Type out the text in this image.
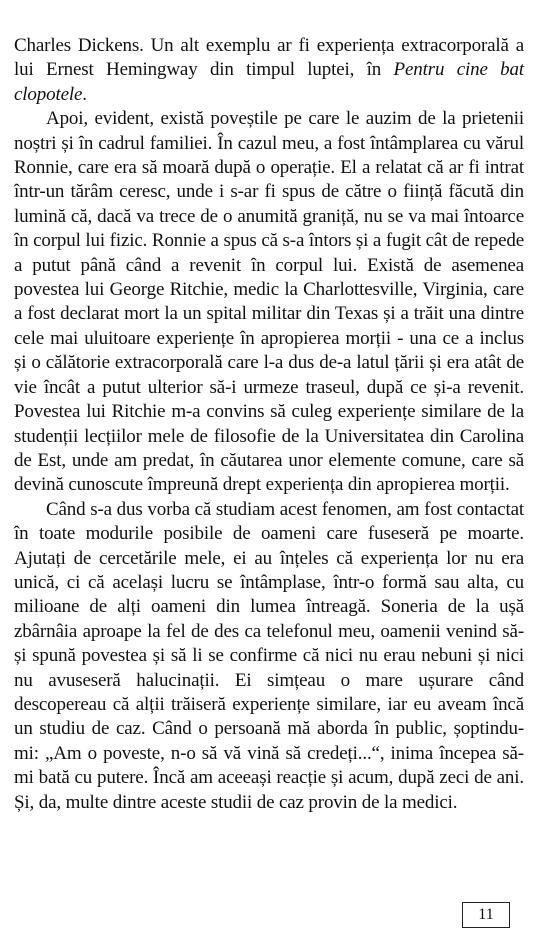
Charles Dickens. Un alt exemplu ar fi experiența extracorporală a lui Ernest Hemingway din timpul luptei, în Pentru cine bat clopotele.

Apoi, evident, există poveștile pe care le auzim de la prietenii noștri și în cadrul familiei. În cazul meu, a fost întâmplarea cu vărul Ronnie, care era să moară după o operație. El a relatat că ar fi intrat într-un tărâm ceresc, unde i s-ar fi spus de către o ființă făcută din lumină că, dacă va trece de o anumită graniță, nu se va mai întoarce în corpul lui fizic. Ronnie a spus că s-a întors și a fugit cât de repede a putut până când a revenit în corpul lui. Există de asemenea povestea lui George Ritchie, medic la Charlottesville, Virginia, care a fost declarat mort la un spital militar din Texas și a trăit una dintre cele mai uluitoare experiențe în apropierea morții - una ce a inclus și o călătorie extracorporală care l-a dus de-a latul țării și era atât de vie încât a putut ulterior să-i urmeze traseul, după ce și-a revenit. Povestea lui Ritchie m-a convins să culeg experiențe similare de la studenții lecțiilor mele de filosofie de la Universitatea din Carolina de Est, unde am predat, în căutarea unor elemente comune, care să devină cunoscute împreună drept experiența din apropierea morții.

Când s-a dus vorba că studiam acest fenomen, am fost contactat în toate modurile posibile de oameni care fuseseră pe moarte. Ajutați de cercetările mele, ei au înțeles că experiența lor nu era unică, ci că același lucru se întâmplase, într-o formă sau alta, cu milioane de alți oameni din lumea întreagă. Soneria de la ușă zbârnâia aproape la fel de des ca telefonul meu, oamenii venind să-și spună povestea și să li se confirme că nici nu erau nebuni și nici nu avuseseră halucinații. Ei simțeau o mare ușurare când descopereau că alții trăiseră experiențe similare, iar eu aveam încă un studiu de caz. Când o persoană mă aborda în public, șoptindu-mi: „Am o poveste, n-o să vă vină să credeți...“, inima începea să-mi bată cu putere. Încă am aceeași reacție și acum, după zeci de ani. Și, da, multe dintre aceste studii de caz provin de la medici.

11
